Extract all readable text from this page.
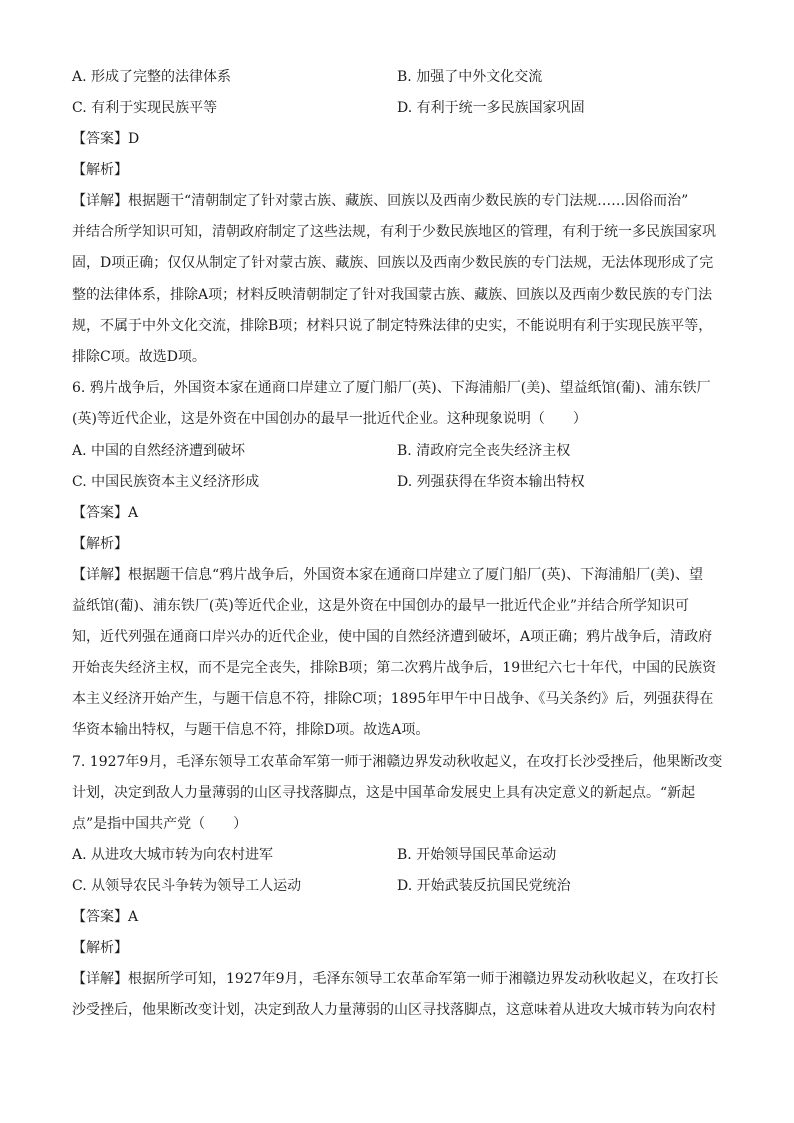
A. 形成了完整的法律体系	B. 加强了中外文化交流
C. 有利于实现民族平等	D. 有利于统一多民族国家巩固
【答案】D
【解析】

【详解】根据题干“清朝制定了针对蒙古族、藏族、回族以及西南少数民族的专门法规……因俗而治”

并结合所学知识可知，清朝政府制定了这些法规，有利于少数民族地区的管理，有利于统一多民族国家巩

固，D项正确；仅仅从制定了针对蒙古族、藏族、回族以及西南少数民族的专门法规，无法体现形成了完

整的法律体系，排除A项；材料反映清朝制定了针对我国蒙古族、藏族、回族以及西南少数民族的专门法

规，不属于中外文化交流，排除B项；材料只说了制定特殊法律的史实，不能说明有利于实现民族平等，

排除C项。故选D项。

6. 鸦片战争后，外国资本家在通商口岸建立了厦门船厂(英)、下海浦船厂(美)、望益纸馆(葡)、浦东铁厂

(英)等近代企业，这是外资在中国创办的最早一批近代企业。这种现象说明（　　）

A. 中国的自然经济遭到破坏	B. 清政府完全丧失经济主权
C. 中国民族资本主义经济形成	D. 列强获得在华资本输出特权
【答案】A
【解析】

【详解】根据题干信息“鸦片战争后，外国资本家在通商口岸建立了厦门船厂(英)、下海浦船厂(美)、望

益纸馆(葡)、浦东铁厂(英)等近代企业，这是外资在中国创办的最早一批近代企业”并结合所学知识可

知，近代列强在通商口岸兴办的近代企业，使中国的自然经济遭到破坏，A项正确；鸦片战争后，清政府

开始丧失经济主权，而不是完全丧失，排除B项；第二次鸦片战争后，19世纪六七十年代，中国的民族资

本主义经济开始产生，与题干信息不符，排除C项；1895年甲午中日战争、《马关条约》后，列强获得在

华资本输出特权，与题干信息不符，排除D项。故选A项。

7. 1927年9月，毛泽东领导工农革命军第一师于湘赣边界发动秋收起义，在攻打长沙受挫后，他果断改变

计划，决定到敌人力量薄弱的山区寻找落脚点，这是中国革命发展史上具有决定意义的新起点。“新起

点”是指中国共产党（　　）

A. 从进攻大城市转为向农村进军	B. 开始领导国民革命运动
C. 从领导农民斗争转为领导工人运动	D. 开始武装反抗国民党统治
【答案】A
【解析】

【详解】根据所学可知，1927年9月，毛泽东领导工农革命军第一师于湘赣边界发动秋收起义，在攻打长

沙受挫后，他果断改变计划，决定到敌人力量薄弱的山区寻找落脚点，这意味着从进攻大城市转为向农村
